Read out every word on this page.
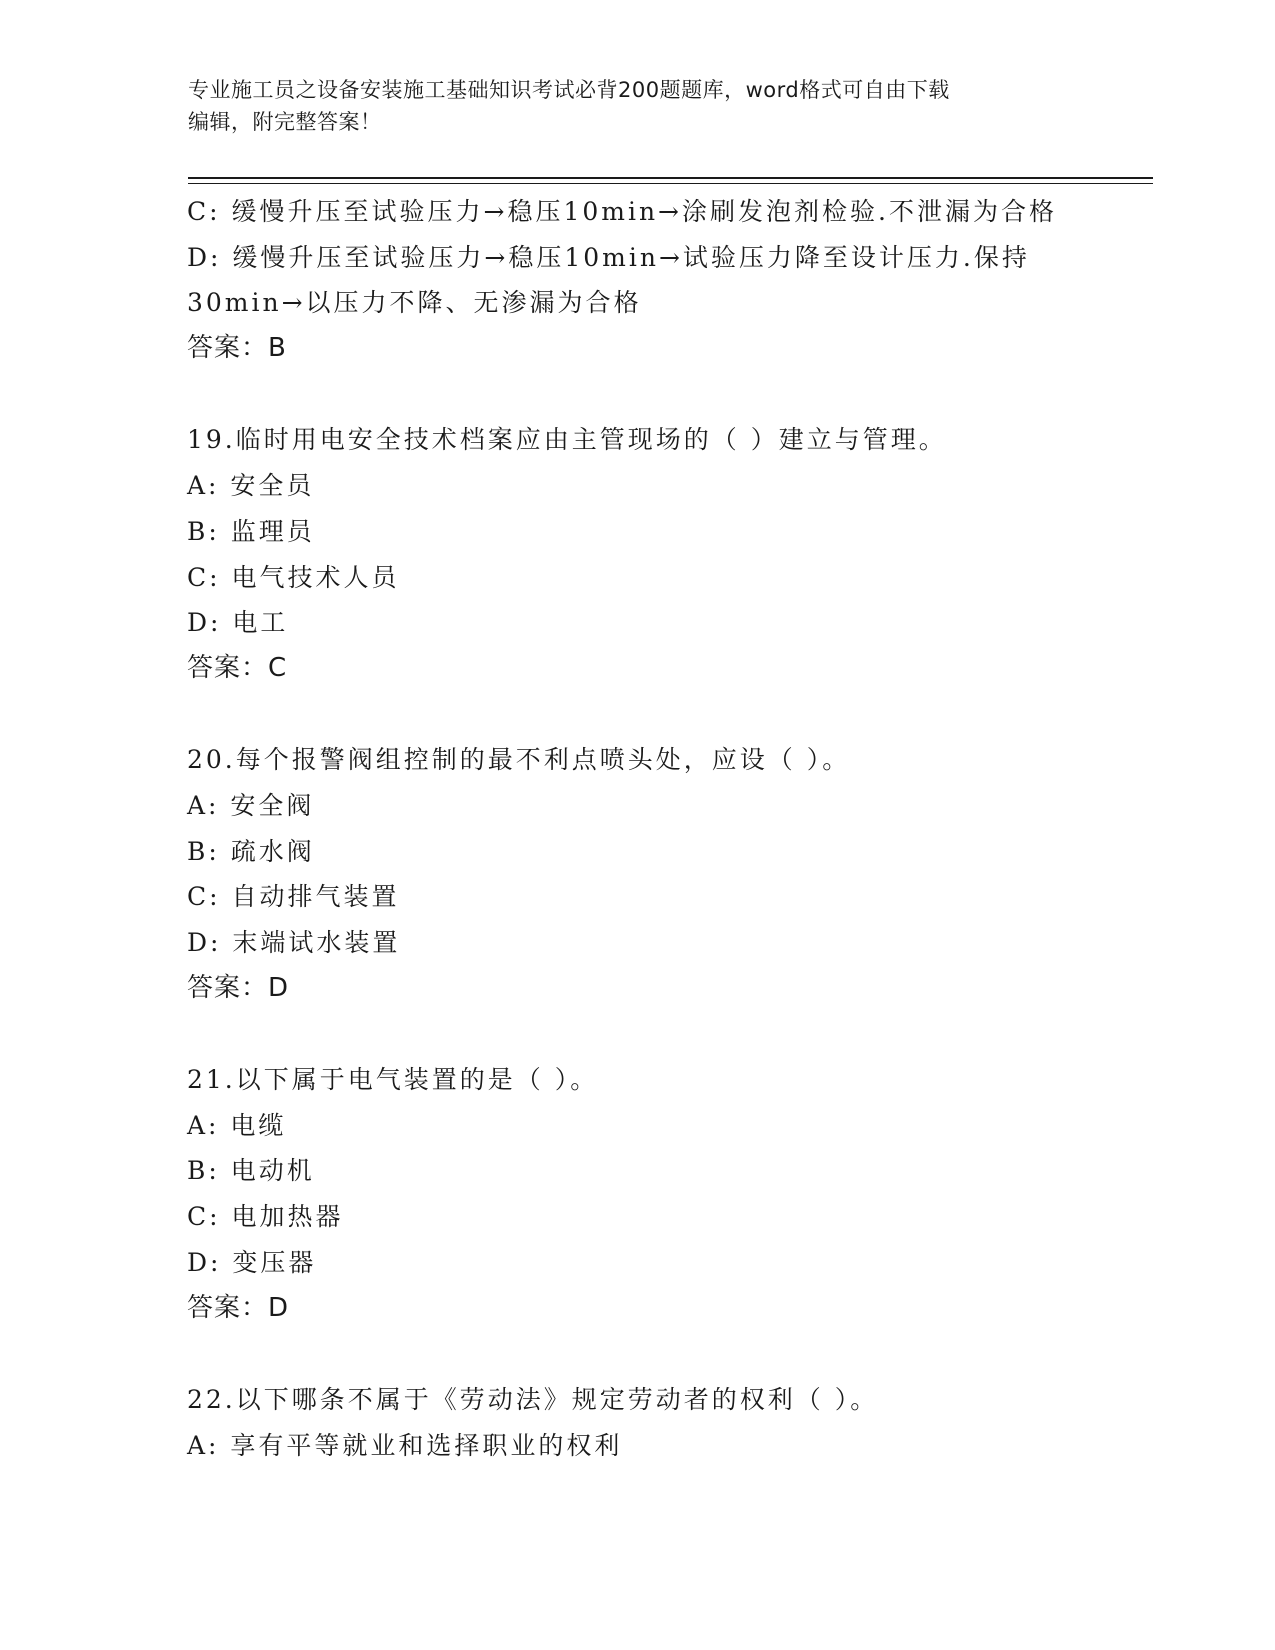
专业施工员之设备安装施工基础知识考试必背200题题库，word格式可自由下载
编辑，附完整答案！
C: 缓慢升压至试验压力→稳压10min→涂刷发泡剂检验.不泄漏为合格
D: 缓慢升压至试验压力→稳压10min→试验压力降至设计压力.保持
30min→以压力不降、无渗漏为合格
答案：B
19.临时用电安全技术档案应由主管现场的（ ）建立与管理。
A: 安全员
B: 监理员
C: 电气技术人员
D: 电工
答案：C
20.每个报警阀组控制的最不利点喷头处，应设（ ）。
A: 安全阀
B: 疏水阀
C: 自动排气装置
D: 末端试水装置
答案：D
21.以下属于电气装置的是（ ）。
A: 电缆
B: 电动机
C: 电加热器
D: 变压器
答案：D
22.以下哪条不属于《劳动法》规定劳动者的权利（ ）。
A: 享有平等就业和选择职业的权利
